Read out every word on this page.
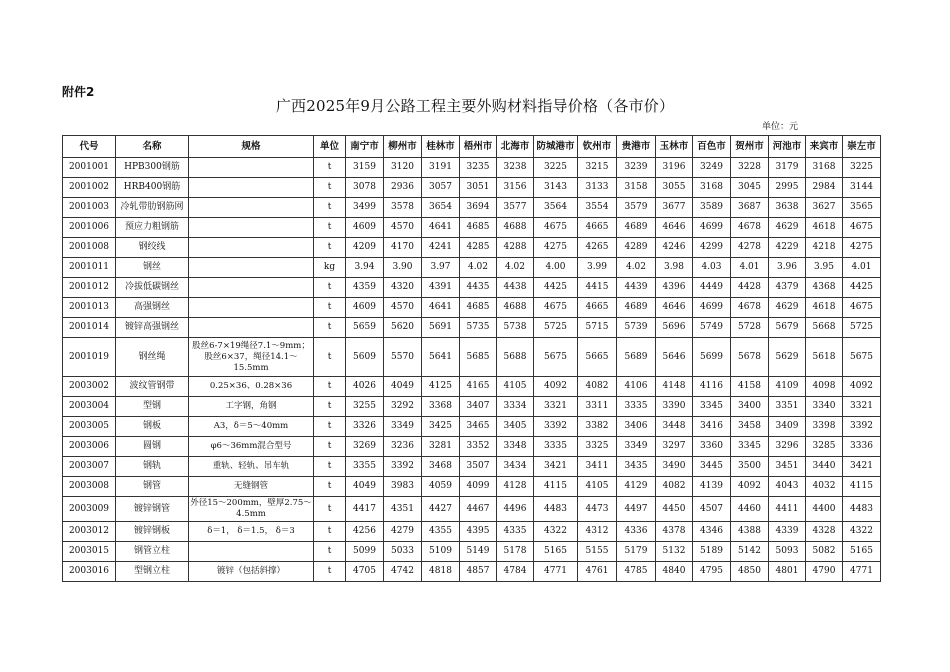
附件2
广西2025年9月公路工程主要外购材料指导价格（各市价）
单位：元
代号	名称	规格	单位	南宁市	柳州市	桂林市	梧州市	北海市	防城港市	钦州市	贵港市	玉林市	百色市	贺州市	河池市	来宾市	崇左市
2001001	HPB300钢筋		t	3159	3120	3191	3235	3238	3225	3215	3239	3196	3249	3228	3179	3168	3225
2001002	HRB400钢筋		t	3078	2936	3057	3051	3156	3143	3133	3158	3055	3168	3045	2995	2984	3144
2001003	冷轧带肋钢筋网		t	3499	3578	3654	3694	3577	3564	3554	3579	3677	3589	3687	3638	3627	3565
2001006	预应力粗钢筋		t	4609	4570	4641	4685	4688	4675	4665	4689	4646	4699	4678	4629	4618	4675
2001008	钢绞线		t	4209	4170	4241	4285	4288	4275	4265	4289	4246	4299	4278	4229	4218	4275
2001011	钢丝		kg	3.94	3.90	3.97	4.02	4.02	4.00	3.99	4.02	3.98	4.03	4.01	3.96	3.95	4.01
2001012	冷拔低碳钢丝		t	4359	4320	4391	4435	4438	4425	4415	4439	4396	4449	4428	4379	4368	4425
2001013	高强钢丝		t	4609	4570	4641	4685	4688	4675	4665	4689	4646	4699	4678	4629	4618	4675
2001014	镀锌高强钢丝		t	5659	5620	5691	5735	5738	5725	5715	5739	5696	5749	5728	5679	5668	5725
2001019	钢丝绳	股丝6-7×19绳径7.1～9mm；股丝6×37，绳径14.1～15.5mm	t	5609	5570	5641	5685	5688	5675	5665	5689	5646	5699	5678	5629	5618	5675
2003002	波纹管钢带	0.25×36、0.28×36	t	4026	4049	4125	4165	4105	4092	4082	4106	4148	4116	4158	4109	4098	4092
2003004	型钢	工字钢，角钢	t	3255	3292	3368	3407	3334	3321	3311	3335	3390	3345	3400	3351	3340	3321
2003005	钢板	A3，δ＝5～40mm	t	3326	3349	3425	3465	3405	3392	3382	3406	3448	3416	3458	3409	3398	3392
2003006	圆钢	φ6～36mm混合型号	t	3269	3236	3281	3352	3348	3335	3325	3349	3297	3360	3345	3296	3285	3336
2003007	钢轨	重轨、轻轨、吊车轨	t	3355	3392	3468	3507	3434	3421	3411	3435	3490	3445	3500	3451	3440	3421
2003008	钢管	无缝钢管	t	4049	3983	4059	4099	4128	4115	4105	4129	4082	4139	4092	4043	4032	4115
2003009	镀锌钢管	外径15～200mm，壁厚2.75～ 4.5mm	t	4417	4351	4427	4467	4496	4483	4473	4497	4450	4507	4460	4411	4400	4483
2003012	镀锌钢板	δ＝1， δ＝1.5， δ＝3	t	4256	4279	4355	4395	4335	4322	4312	4336	4378	4346	4388	4339	4328	4322
2003015	钢管立柱		t	5099	5033	5109	5149	5178	5165	5155	5179	5132	5189	5142	5093	5082	5165
2003016	型钢立柱	镀锌（包括斜撑）	t	4705	4742	4818	4857	4784	4771	4761	4785	4840	4795	4850	4801	4790	4771
